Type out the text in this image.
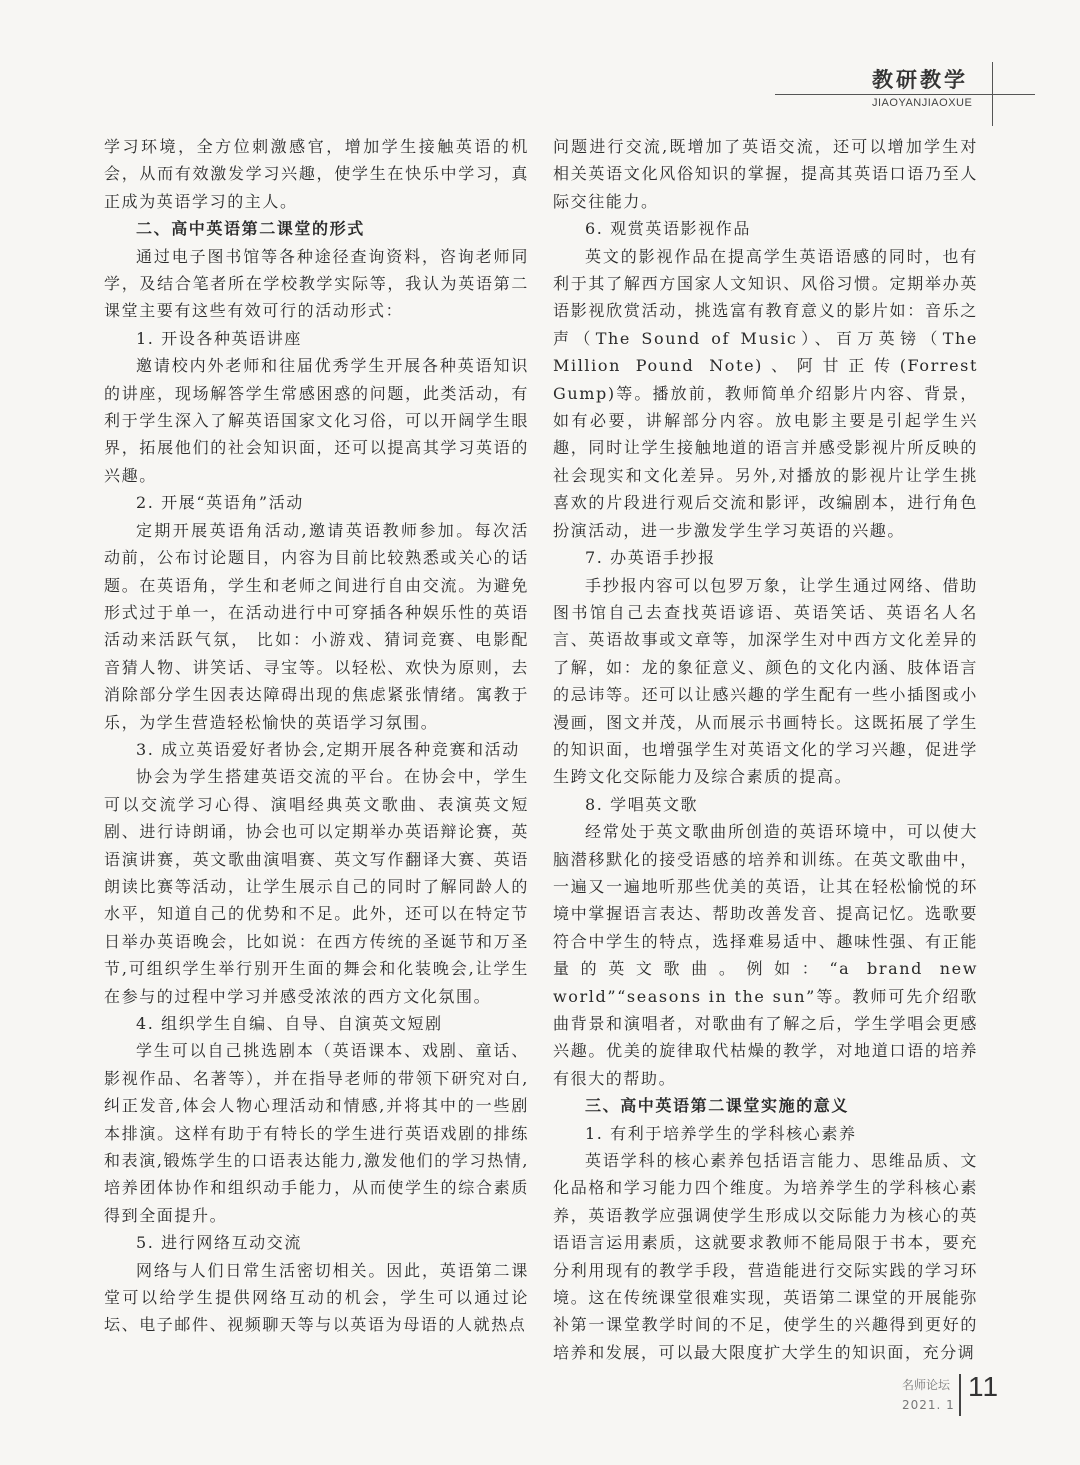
教研教学
JIAOYANJIAOXUE

学习环境，全方位刺激感官，增加学生接触英语的机会，从而有效激发学习兴趣，使学生在快乐中学习，真正成为英语学习的主人。

二、高中英语第二课堂的形式

通过电子图书馆等各种途径查询资料，咨询老师同学，及结合笔者所在学校教学实际等，我认为英语第二课堂主要有这些有效可行的活动形式：

1. 开设各种英语讲座

邀请校内外老师和往届优秀学生开展各种英语知识的讲座，现场解答学生常感困惑的问题，此类活动，有利于学生深入了解英语国家文化习俗，可以开阔学生眼界，拓展他们的社会知识面，还可以提高其学习英语的兴趣。

2. 开展“英语角”活动

定期开展英语角活动,邀请英语教师参加。每次活动前，公布讨论题目，内容为目前比较熟悉或关心的话题。在英语角，学生和老师之间进行自由交流。为避免形式过于单一，在活动进行中可穿插各种娱乐性的英语活动来活跃气氛， 比如：小游戏、猜词竞赛、电影配音猜人物、讲笑话、寻宝等。以轻松、欢快为原则，去消除部分学生因表达障碍出现的焦虑紧张情绪。寓教于乐，为学生营造轻松愉快的英语学习氛围。

3. 成立英语爱好者协会,定期开展各种竞赛和活动

协会为学生搭建英语交流的平台。在协会中，学生可以交流学习心得、演唱经典英文歌曲、表演英文短剧、进行诗朗诵，协会也可以定期举办英语辩论赛，英语演讲赛，英文歌曲演唱赛、英文写作翻译大赛、英语朗读比赛等活动，让学生展示自己的同时了解同龄人的水平，知道自己的优势和不足。此外，还可以在特定节日举办英语晚会，比如说：在西方传统的圣诞节和万圣节,可组织学生举行别开生面的舞会和化装晚会,让学生在参与的过程中学习并感受浓浓的西方文化氛围。

4. 组织学生自编、自导、自演英文短剧

学生可以自己挑选剧本（英语课本、戏剧、童话、影视作品、名著等），并在指导老师的带领下研究对白,纠正发音,体会人物心理活动和情感,并将其中的一些剧本排演。这样有助于有特长的学生进行英语戏剧的排练和表演,锻炼学生的口语表达能力,激发他们的学习热情,培养团体协作和组织动手能力，从而使学生的综合素质得到全面提升。

5. 进行网络互动交流

网络与人们日常生活密切相关。因此，英语第二课堂可以给学生提供网络互动的机会，学生可以通过论坛、电子邮件、视频聊天等与以英语为母语的人就热点

问题进行交流,既增加了英语交流，还可以增加学生对相关英语文化风俗知识的掌握，提高其英语口语乃至人际交往能力。

6. 观赏英语影视作品

英文的影视作品在提高学生英语语感的同时，也有利于其了解西方国家人文知识、风俗习惯。定期举办英语影视欣赏活动，挑选富有教育意义的影片如：音乐之声（The Sound of Music）、百万英镑（The Million Pound Note)、阿甘正传(Forrest Gump)等。播放前，教师简单介绍影片内容、背景，如有必要，讲解部分内容。放电影主要是引起学生兴趣，同时让学生接触地道的语言并感受影视片所反映的社会现实和文化差异。另外,对播放的影视片让学生挑喜欢的片段进行观后交流和影评，改编剧本，进行角色扮演活动，进一步激发学生学习英语的兴趣。

7. 办英语手抄报

手抄报内容可以包罗万象，让学生通过网络、借助图书馆自己去查找英语谚语、英语笑话、英语名人名言、英语故事或文章等，加深学生对中西方文化差异的了解，如：龙的象征意义、颜色的文化内涵、肢体语言的忌讳等。还可以让感兴趣的学生配有一些小插图或小漫画，图文并茂，从而展示书画特长。这既拓展了学生的知识面，也增强学生对英语文化的学习兴趣，促进学生跨文化交际能力及综合素质的提高。

8. 学唱英文歌

经常处于英文歌曲所创造的英语环境中，可以使大脑潜移默化的接受语感的培养和训练。在英文歌曲中，一遍又一遍地听那些优美的英语，让其在轻松愉悦的环境中掌握语言表达、帮助改善发音、提高记忆。选歌要符合中学生的特点，选择难易适中、趣味性强、有正能量的英文歌曲。例如：“a brand new world”“seasons in the sun”等。教师可先介绍歌曲背景和演唱者，对歌曲有了解之后，学生学唱会更感兴趣。优美的旋律取代枯燥的教学，对地道口语的培养有很大的帮助。

三、高中英语第二课堂实施的意义

1. 有利于培养学生的学科核心素养

英语学科的核心素养包括语言能力、思维品质、文化品格和学习能力四个维度。为培养学生的学科核心素养，英语教学应强调使学生形成以交际能力为核心的英语语言运用素质，这就要求教师不能局限于书本，要充分利用现有的教学手段，营造能进行交际实践的学习环境。这在传统课堂很难实现，英语第二课堂的开展能弥补第一课堂教学时间的不足，使学生的兴趣得到更好的培养和发展，可以最大限度扩大学生的知识面，充分调

名师论坛
2021. 1
11
